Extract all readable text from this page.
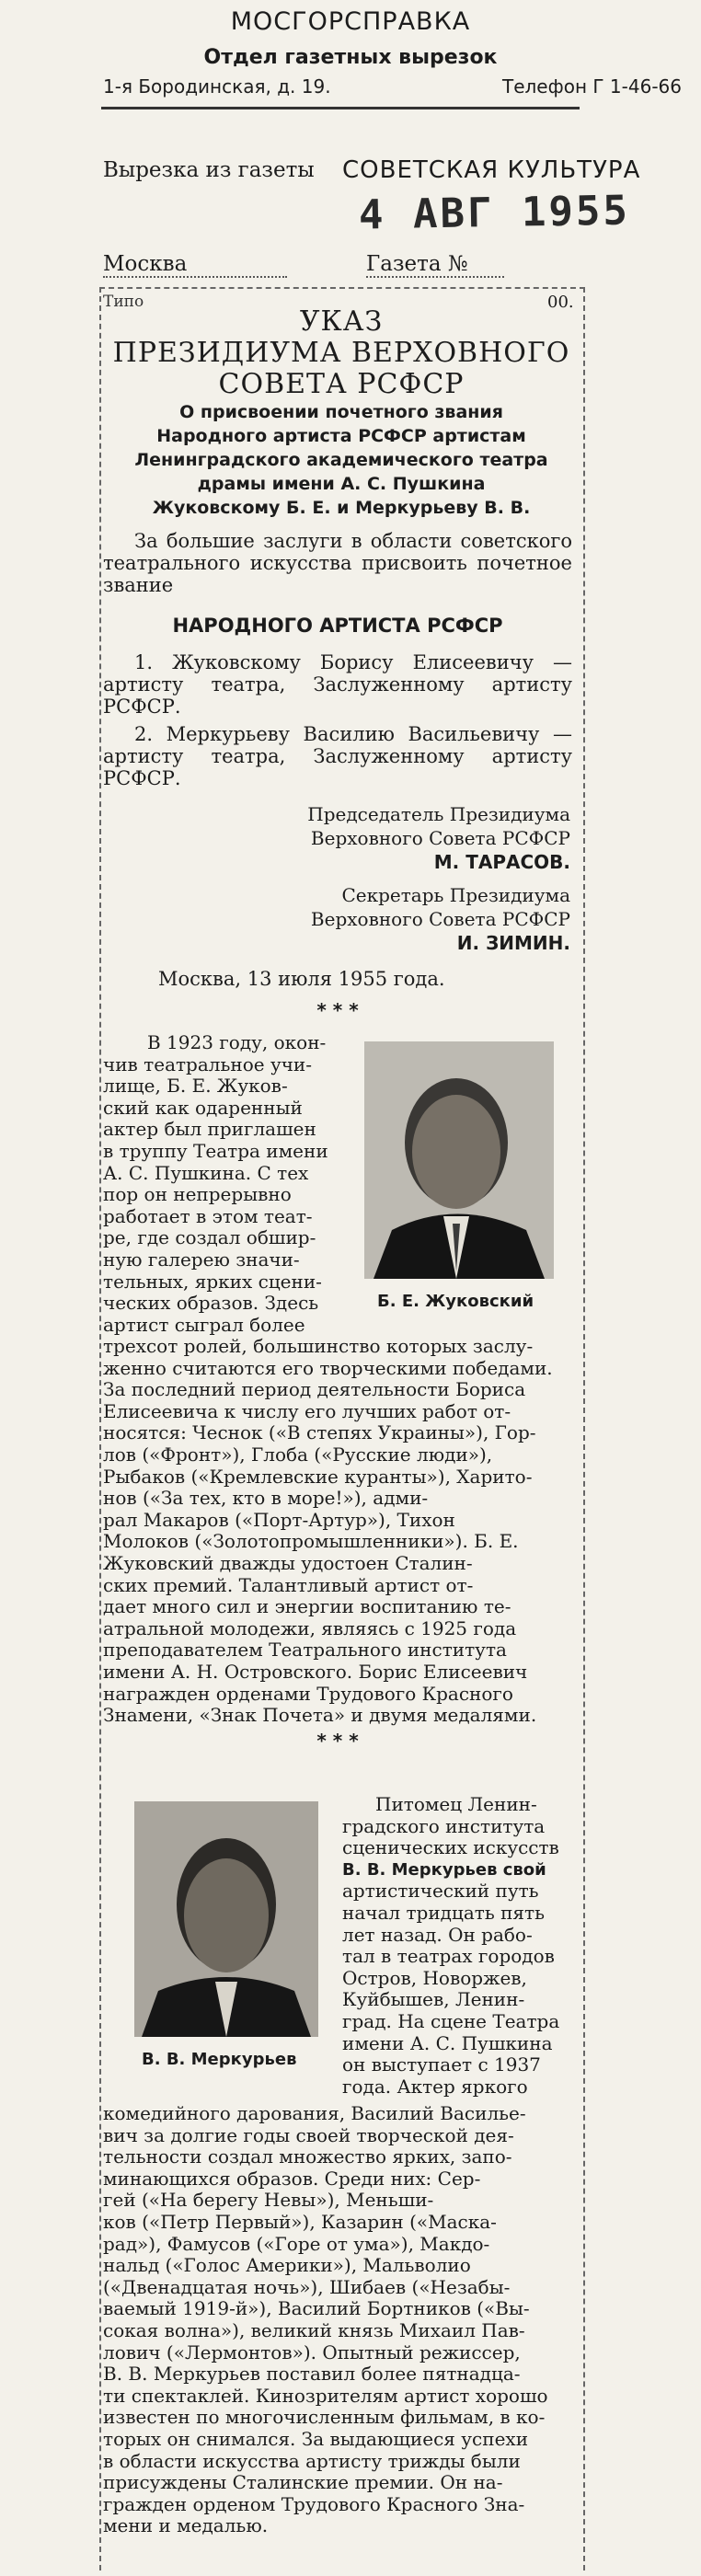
МОСГОРСПРАВКА
Отдел газетных вырезок
1-я Бородинская, д. 19.	Телефон Г 1-46-66
Вырезка из газеты СОВЕТСКАЯ КУЛЬТУРА
4 АВГ 1955
Москва	Газета №
Типо	00.
УКАЗ
ПРЕЗИДИУМА ВЕРХОВНОГО
СОВЕТА РСФСР
О присвоении почетного звания
Народного артиста РСФСР артистам
Ленинградского академического театра
драмы имени А. С. Пушкина
Жуковскому Б. Е. и Меркурьеву В. В.
За большие заслуги в области советского театрального искусства присвоить почетное звание
НАРОДНОГО АРТИСТА РСФСР
1. Жуковскому Борису Елисеевичу — артисту театра, Заслуженному артисту РСФСР.
2. Меркурьеву Василию Васильевичу — артисту театра, Заслуженному артисту РСФСР.
Председатель Президиума
Верховного Совета РСФСР
М. ТАРАСОВ.
Секретарь Президиума
Верховного Совета РСФСР
И. ЗИМИН.
Москва, 13 июля 1955 года.
* * *

В 1923 году, окон-

чив театральное учи-

лище, Б. Е. Жуков-

ский как одаренный

актер был приглашен

в труппу Театра имени

А. С. Пушкина. С тех

пор он непрерывно

работает в этом теат-

ре, где создал обшир-

ную галерею значи-

тельных, ярких сцени-

ческих образов. Здесь

артист сыграл более

Б. Е. Жуковский

трехсот ролей, большинство которых заслу-

женно считаются его творческими победами.

За последний период деятельности Бориса

Елисеевича к числу его лучших работ от-

носятся: Чеснок («В степях Украины»), Гор-

лов («Фронт»), Глоба («Русские люди»),

Рыбаков («Кремлевские куранты»), Харито-

нов («За тех, кто в море!»), адми-

рал Макаров («Порт-Артур»), Тихон

Молоков («Золотопромышленники»). Б. Е.

Жуковский дважды удостоен Сталин-

ских премий. Талантливый артист от-

дает много сил и энергии воспитанию те-

атральной молодежи, являясь с 1925 года

преподавателем Театрального института

имени А. Н. Островского. Борис Елисеевич

награжден орденами Трудового Красного

Знамени, «Знак Почета» и двумя медалями.

* * *
В. В. Меркурьев

Питомец Ленин-

градского института

сценических искусств

В. В. Меркурьев свой

артистический путь

начал тридцать пять

лет назад. Он рабо-

тал в театрах городов

Остров, Новоржев,

Куйбышев, Ленин-

град. На сцене Театра

имени А. С. Пушкина

он выступает с 1937

года. Актер яркого

комедийного дарования, Василий Василье-

вич за долгие годы своей творческой дея-

тельности создал множество ярких, запо-

минающихся образов. Среди них: Сер-

гей («На берегу Невы»), Меньши-

ков («Петр Первый»), Казарин («Маска-

рад»), Фамусов («Горе от ума»), Макдо-

нальд («Голос Америки»), Мальволио

(«Двенадцатая ночь»), Шибаев («Незабы-

ваемый 1919-й»), Василий Бортников («Вы-

сокая волна»), великий князь Михаил Пав-

лович («Лермонтов»). Опытный режиссер,

В. В. Меркурьев поставил более пятнадца-

ти спектаклей. Кинозрителям артист хорошо

известен по многочисленным фильмам, в ко-

торых он снимался. За выдающиеся успехи

в области искусства артисту трижды были

присуждены Сталинские премии. Он на-

гражден орденом Трудового Красного Зна-

мени и медалью.
